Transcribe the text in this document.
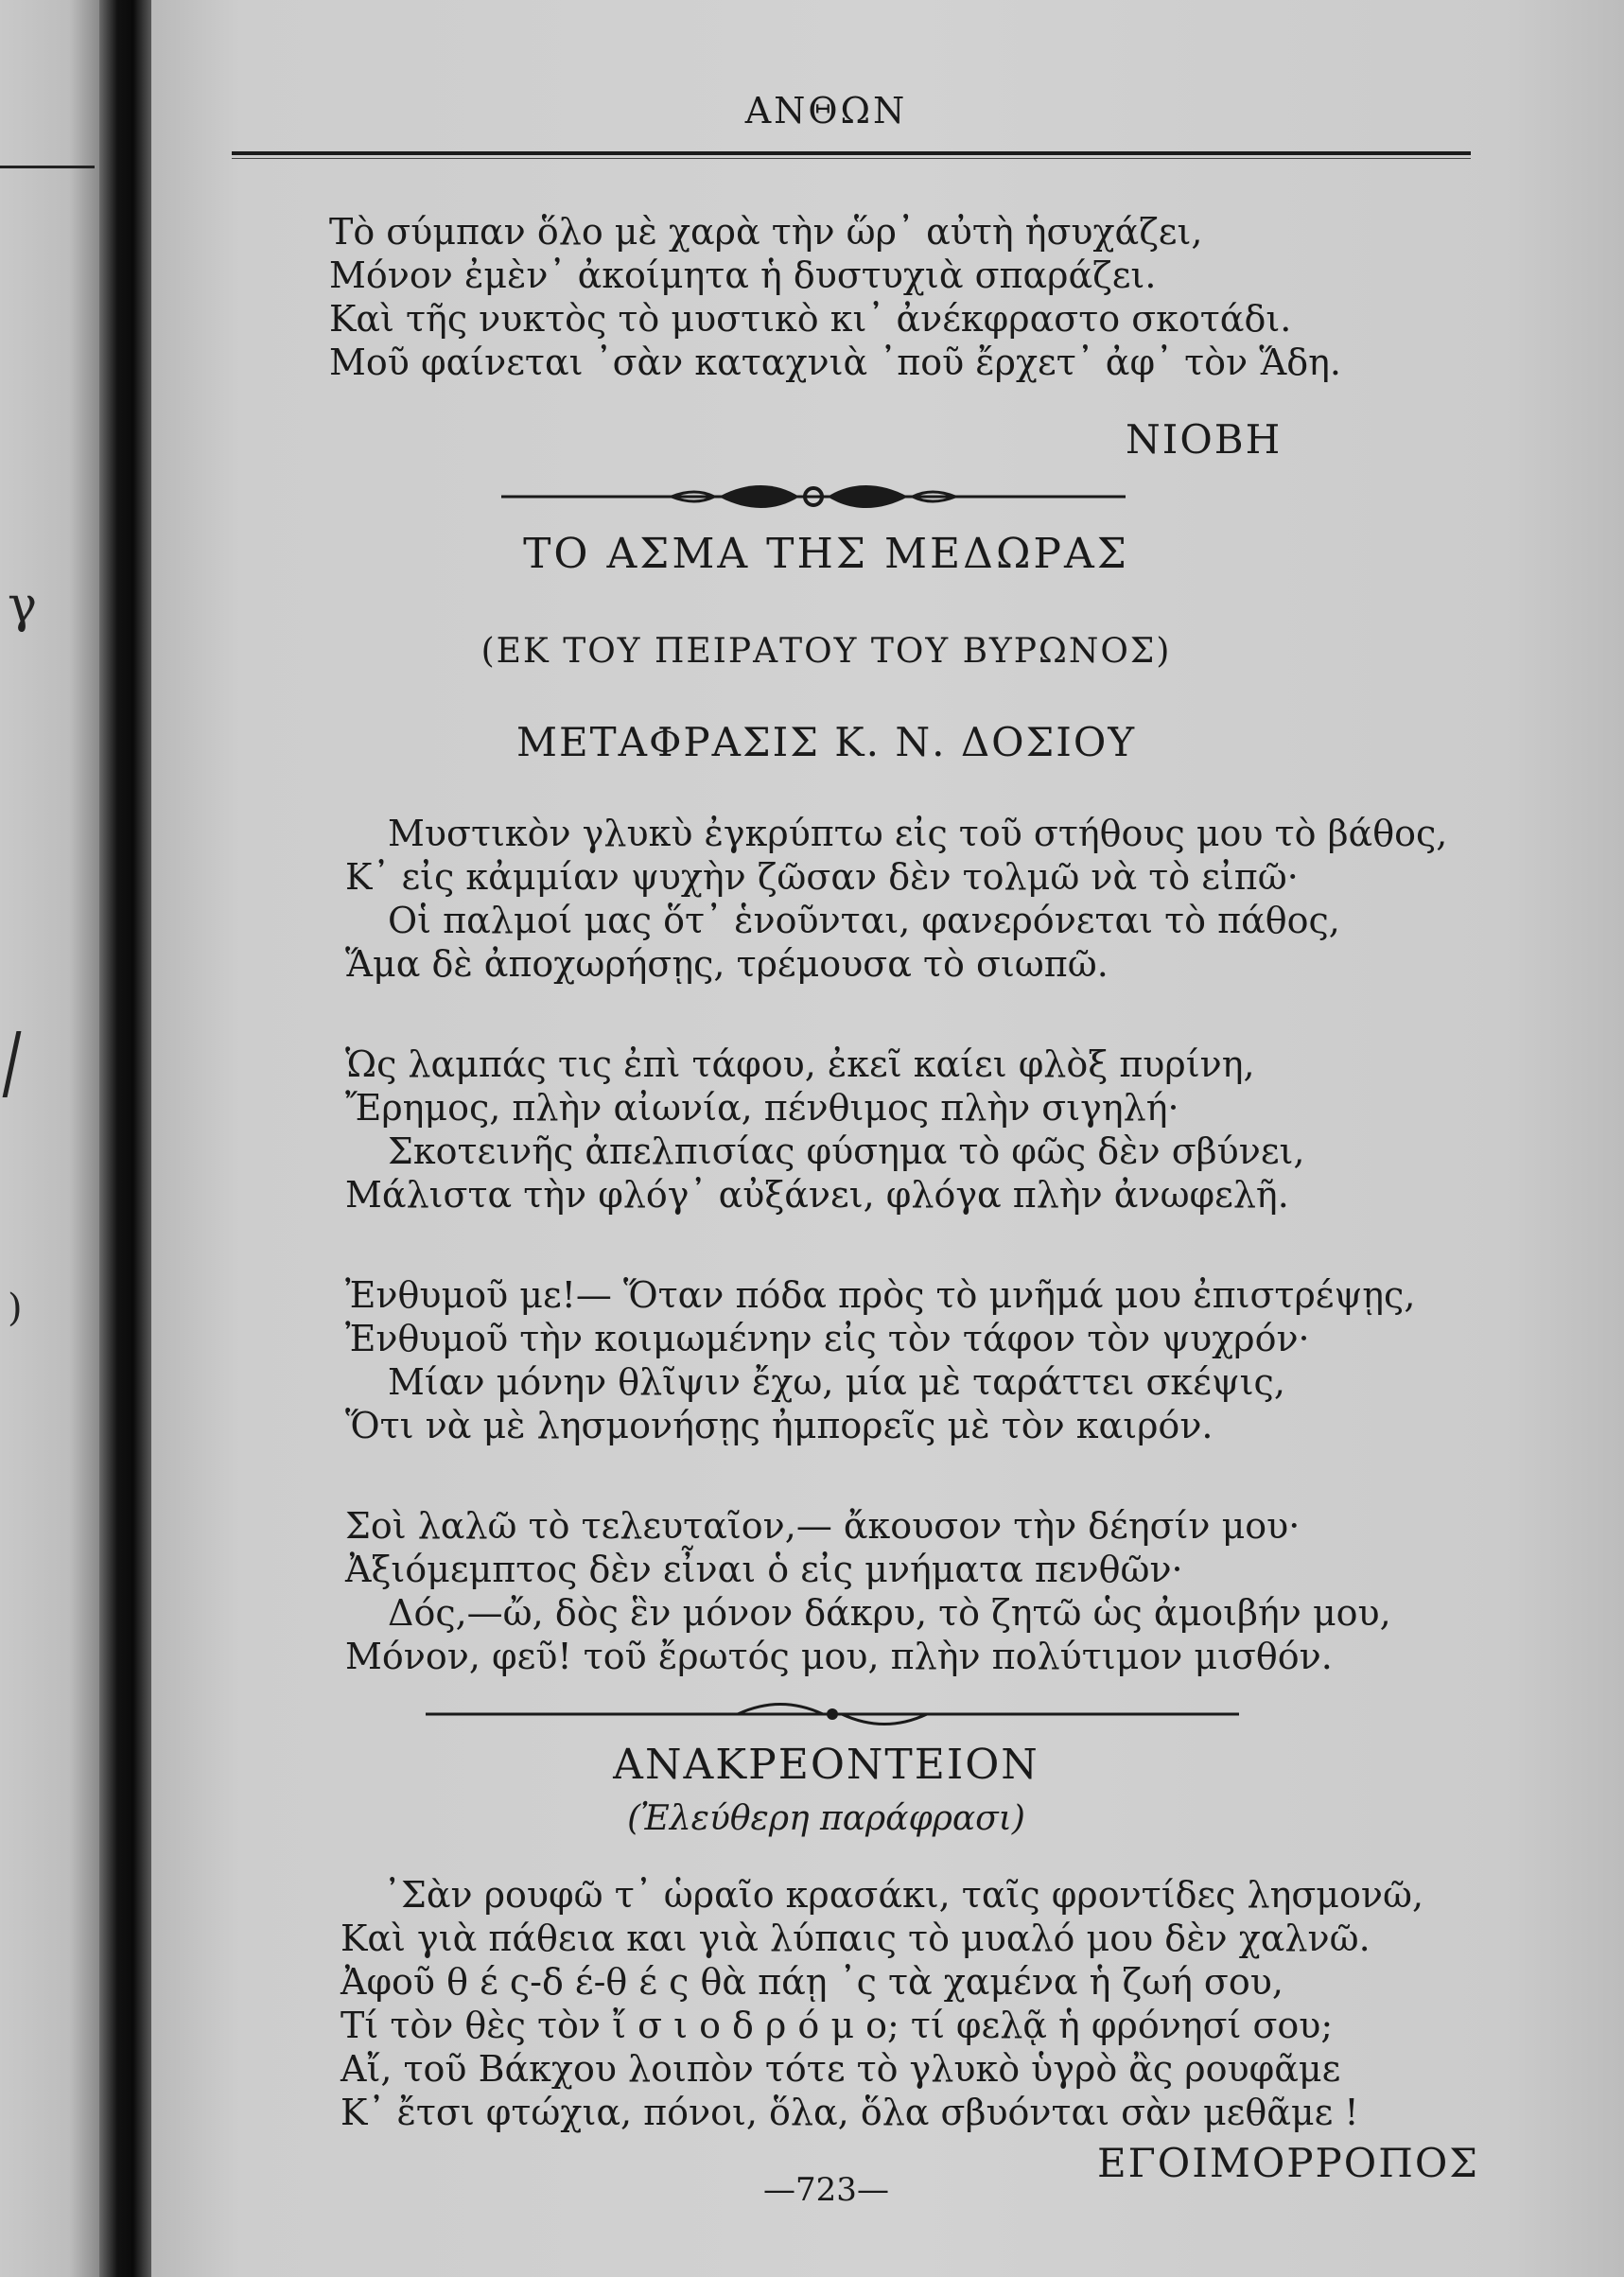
γ
)
ΑΝΘΩΝ
Τὸ σύμπαν ὅλο μὲ χαρὰ τὴν ὥρ᾽ αὐτὴ ἡσυχάζει,
Μόνον ἐμὲν᾽ ἀκοίμητα ἡ δυστυχιὰ σπαράζει.
Καὶ τῆς νυκτὸς τὸ μυστικὸ κι᾽ ἀνέκφραστο σκοτάδι.
Μοῦ φαίνεται ᾽σὰν καταχνιὰ ᾽ποῦ ἔρχετ᾽ ἀφ᾽ τὸν Ἅδη.
ΝΙΟΒΗ
ΤΟ ΑΣΜΑ ΤΗΣ ΜΕΔΩΡΑΣ
(ΕΚ ΤΟΥ ΠΕΙΡΑΤΟΥ ΤΟΥ ΒΥΡΩΝΟΣ)
ΜΕΤΑΦΡΑΣΙΣ Κ. Ν. ΔΟΣΙΟΥ
Μυστικὸν γλυκὺ ἐγκρύπτω εἰς τοῦ στήθους μου τὸ βάθος,
Κ᾽ εἰς κἀμμίαν ψυχὴν ζῶσαν δὲν τολμῶ νὰ τὸ εἰπῶ·
Οἱ παλμοί μας ὅτ᾽ ἑνοῦνται, φανερόνεται τὸ πάθος,
Ἅμα δὲ ἀποχωρήσῃς, τρέμουσα τὸ σιωπῶ.
Ὡς λαμπάς τις ἐπὶ τάφου, ἐκεῖ καίει φλὸξ πυρίνη,
Ἔρημος, πλὴν αἰωνία, πένθιμος πλὴν σιγηλή·
Σκοτεινῆς ἀπελπισίας φύσημα τὸ φῶς δὲν σβύνει,
Μάλιστα τὴν φλόγ᾽ αὐξάνει, φλόγα πλὴν ἀνωφελῆ.
Ἐνθυμοῦ με!— Ὅταν πόδα πρὸς τὸ μνῆμά μου ἐπιστρέψῃς,
Ἐνθυμοῦ τὴν κοιμωμένην εἰς τὸν τάφον τὸν ψυχρόν·
Μίαν μόνην θλῖψιν ἔχω, μία μὲ ταράττει σκέψις,
Ὅτι νὰ μὲ λησμονήσῃς ἠμπορεῖς μὲ τὸν καιρόν.
Σοὶ λαλῶ τὸ τελευταῖον,— ἄκουσον τὴν δέησίν μου·
Ἀξιόμεμπτος δὲν εἶναι ὁ εἰς μνήματα πενθῶν·
Δός,—ὤ, δὸς ἓν μόνον δάκρυ, τὸ ζητῶ ὡς ἀμοιβήν μου,
Μόνον, φεῦ! τοῦ ἔρωτός μου, πλὴν πολύτιμον μισθόν.
ΑΝΑΚΡΕΟΝΤΕΙΟΝ
(Ἐλεύθερη παράφρασι)
᾽Σὰν ρουφῶ τ᾽ ὡραῖο κρασάκι, ταῖς φροντίδες λησμονῶ,
Καὶ γιὰ πάθεια και γιὰ λύπαις τὸ μυαλό μου δὲν χαλνῶ.
Ἀφοῦ θ έ ς-δ έ-θ έ ς θὰ πάῃ ᾽ς τὰ χαμένα ἡ ζωή σου,
Τί τὸν θὲς τὸν ἴ σ ι ο δ ρ ό μ ο; τί φελᾷ ἡ φρόνησί σου;
Αἴ, τοῦ Βάκχου λοιπὸν τότε τὸ γλυκὸ ὑγρὸ ἂς ρουφᾶμε
Κ᾽ ἔτσι φτώχια, πόνοι, ὅλα, ὅλα σβυόνται σὰν μεθᾶμε !
ΕΓΟΙΜΟΡΡΟΠΟΣ
—723—
